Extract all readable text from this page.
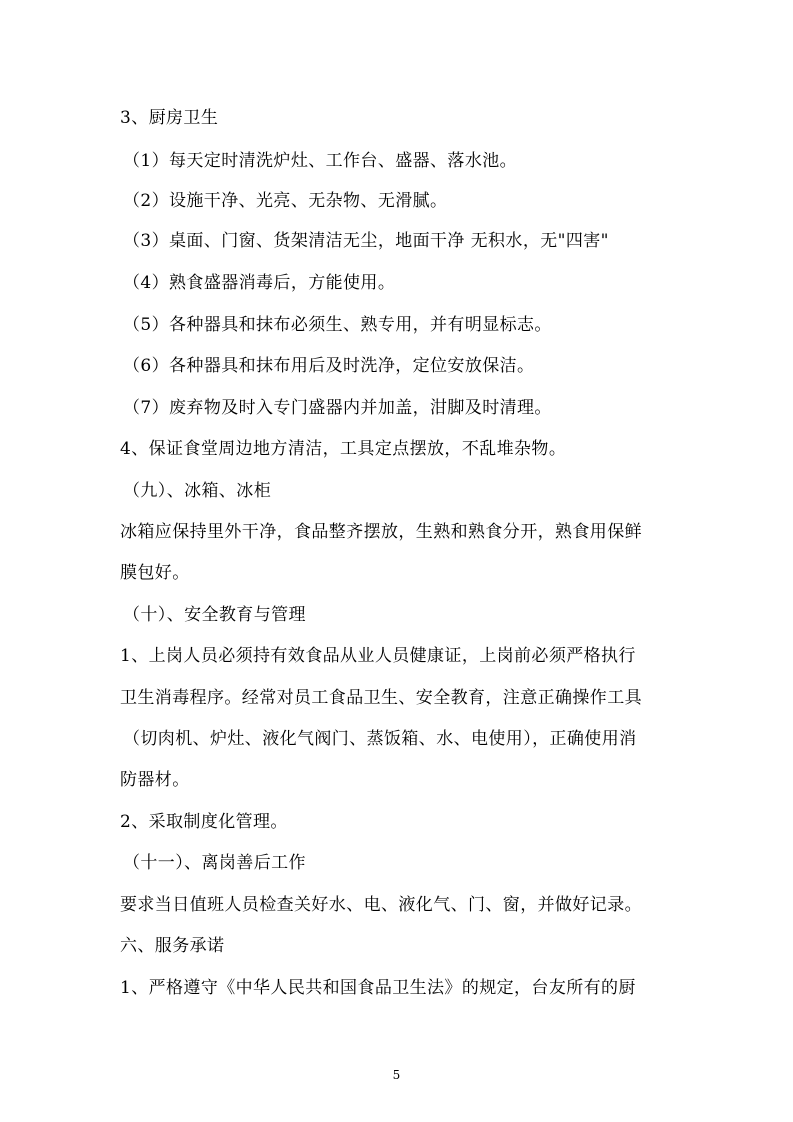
3、厨房卫生
（1）每天定时清洗炉灶、工作台、盛器、落水池。
（2）设施干净、光亮、无杂物、无滑腻。
（3）桌面、门窗、货架清洁无尘，地面干净 无积水，无"四害"
（4）熟食盛器消毒后，方能使用。
（5）各种器具和抹布必须生、熟专用，并有明显标志。
（6）各种器具和抹布用后及时洗净，定位安放保洁。
（7）废弃物及时入专门盛器内并加盖，泔脚及时清理。
4、保证食堂周边地方清洁，工具定点摆放，不乱堆杂物。
（九）、冰箱、冰柜
冰箱应保持里外干净，食品整齐摆放，生熟和熟食分开，熟食用保鲜
膜包好。
（十）、安全教育与管理
1、上岗人员必须持有效食品从业人员健康证，上岗前必须严格执行
卫生消毒程序。经常对员工食品卫生、安全教育，注意正确操作工具
（切肉机、炉灶、液化气阀门、蒸饭箱、水、电使用），正确使用消
防器材。
2、采取制度化管理。
（十一）、离岗善后工作
要求当日值班人员检查关好水、电、液化气、门、窗，并做好记录。
六、服务承诺
1、严格遵守《中华人民共和国食品卫生法》的规定，台友所有的厨
5
